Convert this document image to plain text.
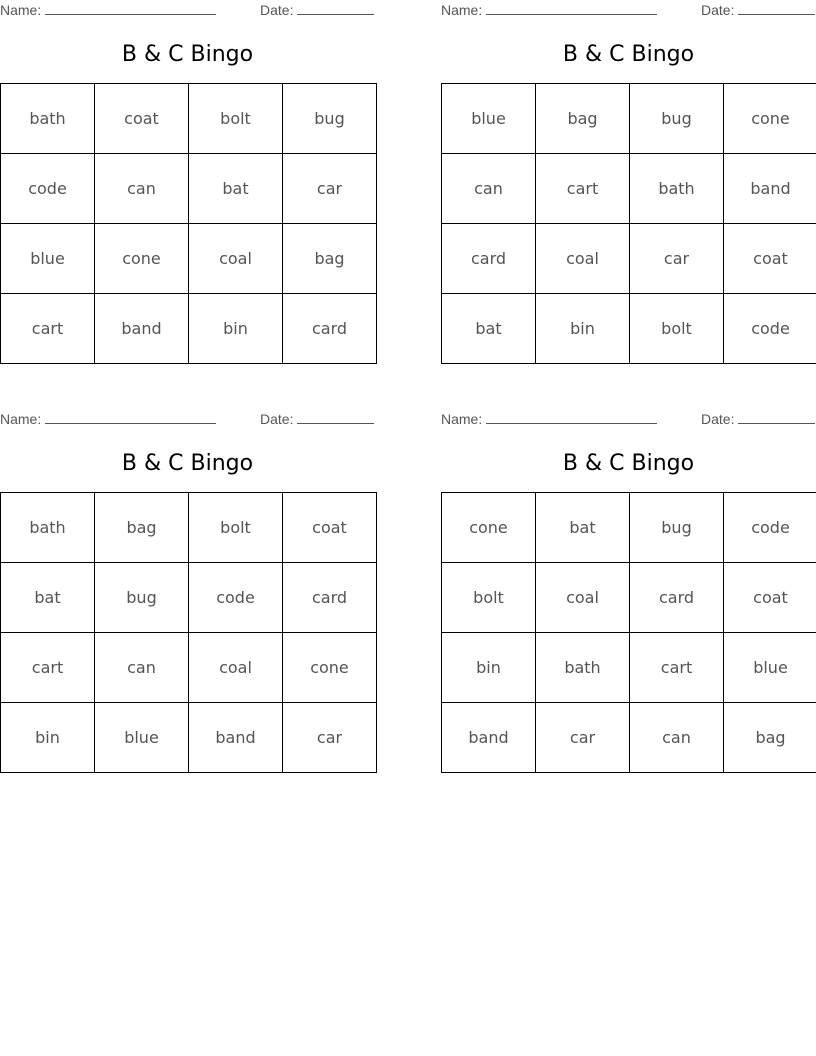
Name:	Date:
B & C Bingo
bath	coat	bolt	bug
code	can	bat	car
blue	cone	coal	bag
cart	band	bin	card
Name:	Date:
B & C Bingo
blue	bag	bug	cone
can	cart	bath	band
card	coal	car	coat
bat	bin	bolt	code
Name:	Date:
B & C Bingo
bath	bag	bolt	coat
bat	bug	code	card
cart	can	coal	cone
bin	blue	band	car
Name:	Date:
B & C Bingo
cone	bat	bug	code
bolt	coal	card	coat
bin	bath	cart	blue
band	car	can	bag
